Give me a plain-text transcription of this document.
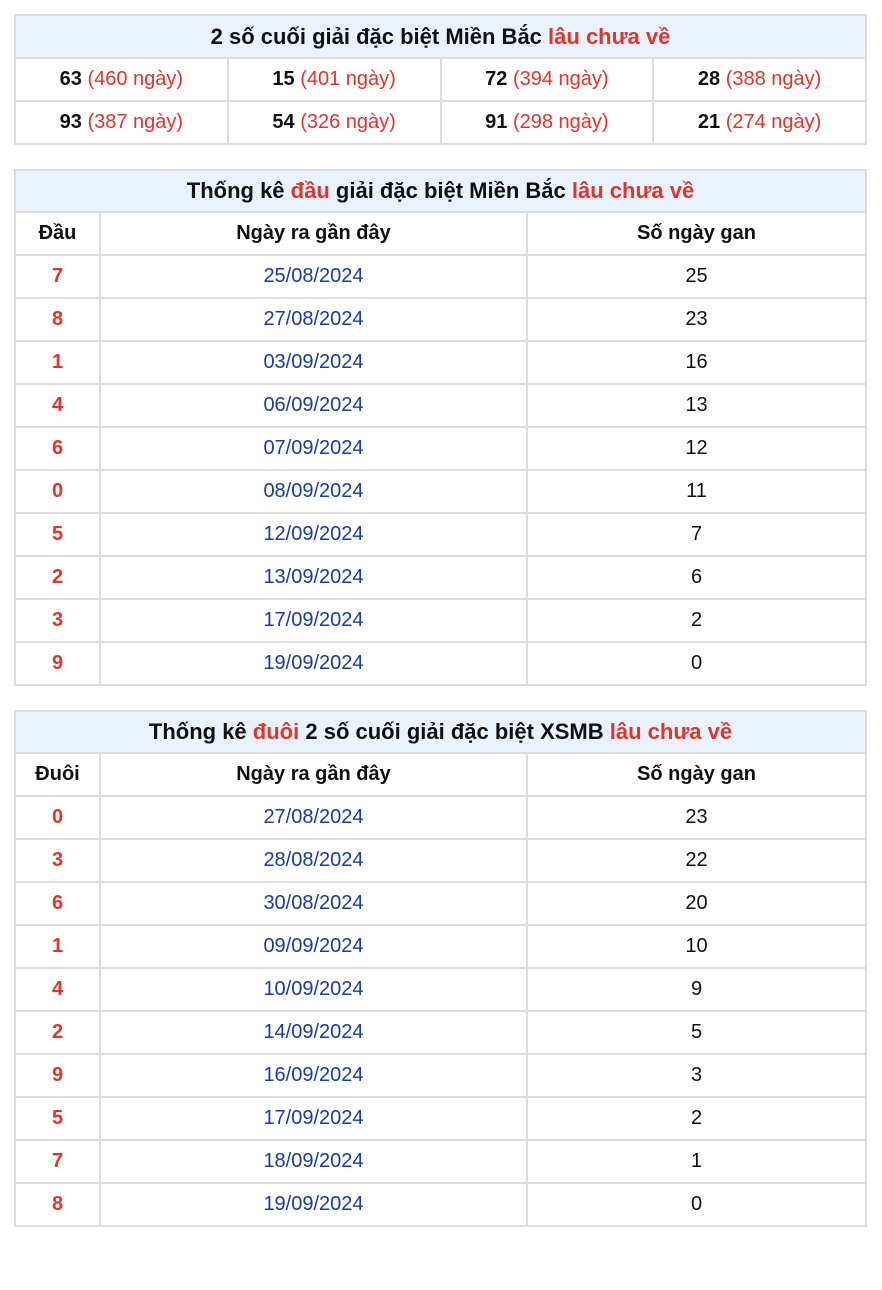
2 số cuối giải đặc biệt Miền Bắc lâu chưa về			
63 (460 ngày)	15 (401 ngày)	72 (394 ngày)	28 (388 ngày)
93 (387 ngày)	54 (326 ngày)	91 (298 ngày)	21 (274 ngày)
Thống kê đầu giải đặc biệt Miền Bắc lâu chưa về		
Đầu	Ngày ra gần đây	Số ngày gan
7	25/08/2024	25
8	27/08/2024	23
1	03/09/2024	16
4	06/09/2024	13
6	07/09/2024	12
0	08/09/2024	11
5	12/09/2024	7
2	13/09/2024	6
3	17/09/2024	2
9	19/09/2024	0
Thống kê đuôi 2 số cuối giải đặc biệt XSMB lâu chưa về		
Đuôi	Ngày ra gần đây	Số ngày gan
0	27/08/2024	23
3	28/08/2024	22
6	30/08/2024	20
1	09/09/2024	10
4	10/09/2024	9
2	14/09/2024	5
9	16/09/2024	3
5	17/09/2024	2
7	18/09/2024	1
8	19/09/2024	0
